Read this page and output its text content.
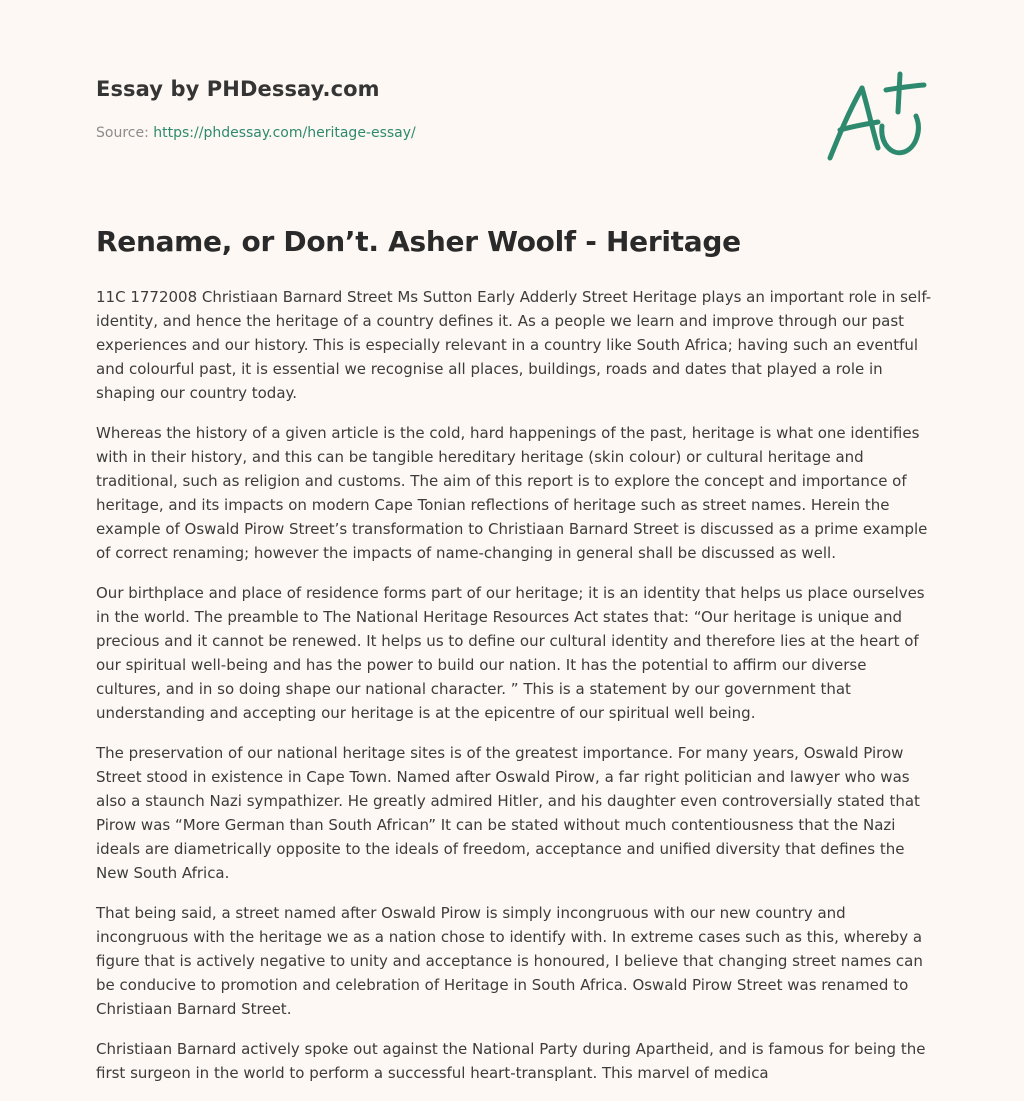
Essay by PHDessay.com
Source: https://phdessay.com/heritage-essay/
Rename, or Don’t. Asher Woolf - Heritage

11C 1772008 Christiaan Barnard Street Ms Sutton Early Adderly Street Heritage plays an important role in self-identity, and hence the heritage of a country defines it. As a people we learn and improve through our past experiences and our history. This is especially relevant in a country like South Africa; having such an eventful and colourful past, it is essential we recognise all places, buildings, roads and dates that played a role in shaping our country today.

Whereas the history of a given article is the cold, hard happenings of the past, heritage is what one identifies with in their history, and this can be tangible hereditary heritage (skin colour) or cultural heritage and traditional, such as religion and customs. The aim of this report is to explore the concept and importance of heritage, and its impacts on modern Cape Tonian reflections of heritage such as street names. Herein the example of Oswald Pirow Street’s transformation to Christiaan Barnard Street is discussed as a prime example of correct renaming; however the impacts of name-changing in general shall be discussed as well.

Our birthplace and place of residence forms part of our heritage; it is an identity that helps us place ourselves in the world. The preamble to The National Heritage Resources Act states that: “Our heritage is unique and precious and it cannot be renewed. It helps us to define our cultural identity and therefore lies at the heart of our spiritual well-being and has the power to build our nation. It has the potential to affirm our diverse cultures, and in so doing shape our national character. ” This is a statement by our government that understanding and accepting our heritage is at the epicentre of our spiritual well being.

The preservation of our national heritage sites is of the greatest importance. For many years, Oswald Pirow Street stood in existence in Cape Town. Named after Oswald Pirow, a far right politician and lawyer who was also a staunch Nazi sympathizer. He greatly admired Hitler, and his daughter even controversially stated that Pirow was “More German than South African” It can be stated without much contentiousness that the Nazi ideals are diametrically opposite to the ideals of freedom, acceptance and unified diversity that defines the New South Africa.

That being said, a street named after Oswald Pirow is simply incongruous with our new country and incongruous with the heritage we as a nation chose to identify with. In extreme cases such as this, whereby a figure that is actively negative to unity and acceptance is honoured, I believe that changing street names can be conducive to promotion and celebration of Heritage in South Africa. Oswald Pirow Street was renamed to Christiaan Barnard Street.

Christiaan Barnard actively spoke out against the National Party during Apartheid, and is famous for being the first surgeon in the world to perform a successful heart-transplant. This marvel of medica
